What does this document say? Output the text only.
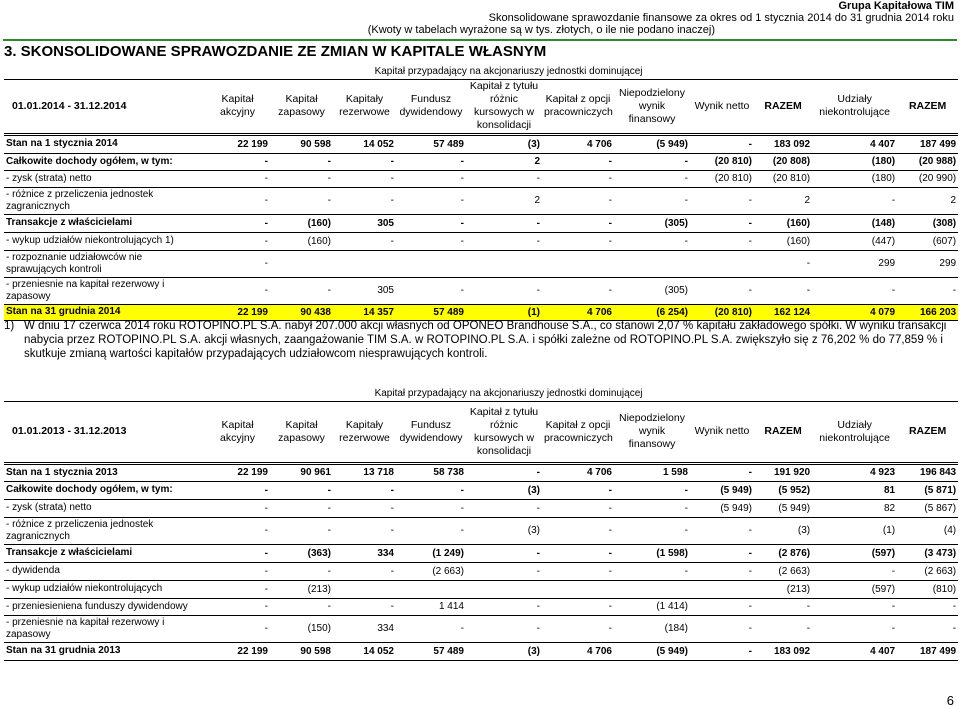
Grupa Kapitałowa TIM
Skonsolidowane sprawozdanie finansowe za okres od 1 stycznia 2014 do 31 grudnia 2014 roku
(Kwoty w tabelach wyrażone są w tys. złotych, o ile nie podano inaczej)
3. SKONSOLIDOWANE SPRAWOZDANIE ZE ZMIAN W KAPITALE WŁASNYM
	Kapitał przypadający na akcjonariuszy jednostki dominującej										
01.01.2014 - 31.12.2014	Kapitał akcyjny	Kapitał zapasowy	Kapitały rezerwowe	Fundusz dywidendowy	Kapitał z tytułu różnic kursowych w konsolidacji	Kapitał z opcji pracowniczych	Niepodzielony wynik finansowy	Wynik netto	RAZEM	Udziały niekontrolujące	RAZEM
Stan na 1 stycznia 2014	22 199	90 598	14 052	57 489	(3)	4 706	(5 949)	-	183 092	4 407	187 499
Całkowite dochody ogółem, w tym:	-	-	-	-	2	-	-	(20 810)	(20 808)	(180)	(20 988)
- zysk (strata) netto	-	-	-	-	-	-	-	(20 810)	(20 810)	(180)	(20 990)
- różnice z przeliczenia jednostek zagranicznych	-	-	-	-	2	-	-	-	2	-	2
Transakcje z właścicielami	-	(160)	305	-	-	-	(305)	-	(160)	(148)	(308)
- wykup udziałów niekontrolujących 1)	-	(160)	-	-	-	-	-	-	(160)	(447)	(607)
- rozpoznanie udziałowców nie sprawujących kontroli	-								-	299	299
- przeniesnie na kapitał rezerwowy i zapasowy	-	-	305	-	-	-	(305)	-	-	-	-
Stan na 31 grudnia 2014	22 199	90 438	14 357	57 489	(1)	4 706	(6 254)	(20 810)	162 124	4 079	166 203
1) W dniu 17 czerwca 2014 roku ROTOPINO.PL S.A. nabył 207.000 akcji własnych od OPONEO Brandhouse S.A., co stanowi 2,07 % kapitału zakładowego spółki. W wyniku transakcji nabycia przez ROTOPINO.PL S.A. akcji własnych, zaangażowanie TIM S.A. w ROTOPINO.PL S.A. i spółki zależne od ROTOPINO.PL S.A. zwiększyło się z 76,202 % do 77,859 % i skutkuje zmianą wartości kapitałów przypadających udziałowcom niesprawujących kontroli.
	Kapitał przypadający na akcjonariuszy jednostki dominującej										
01.01.2013 - 31.12.2013	Kapitał akcyjny	Kapitał zapasowy	Kapitały rezerwowe	Fundusz dywidendowy	Kapitał z tytułu różnic kursowych w konsolidacji	Kapitał z opcji pracowniczych	Niepodzielony wynik finansowy	Wynik netto	RAZEM	Udziały niekontrolujące	RAZEM
Stan na 1 stycznia 2013	22 199	90 961	13 718	58 738	-	4 706	1 598	-	191 920	4 923	196 843
Całkowite dochody ogółem, w tym:	-	-	-	-	(3)	-	-	(5 949)	(5 952)	81	(5 871)
- zysk (strata) netto	-	-	-	-	-	-	-	(5 949)	(5 949)	82	(5 867)
- różnice z przeliczenia jednostek zagranicznych	-	-	-	-	(3)	-	-	-	(3)	(1)	(4)
Transakcje z właścicielami	-	(363)	334	(1 249)	-	-	(1 598)	-	(2 876)	(597)	(3 473)
- dywidenda	-	-	-	(2 663)	-	-	-	-	(2 663)	-	(2 663)
- wykup udziałów niekontrolujących	-	(213)							(213)	(597)	(810)
- przeniesieniena funduszy dywidendowy	-	-	-	1 414	-	-	(1 414)	-	-	-	-
- przeniesnie na kapitał rezerwowy i zapasowy	-	(150)	334	-	-	-	(184)	-	-	-	-
Stan na 31 grudnia 2013	22 199	90 598	14 052	57 489	(3)	4 706	(5 949)	-	183 092	4 407	187 499
6
